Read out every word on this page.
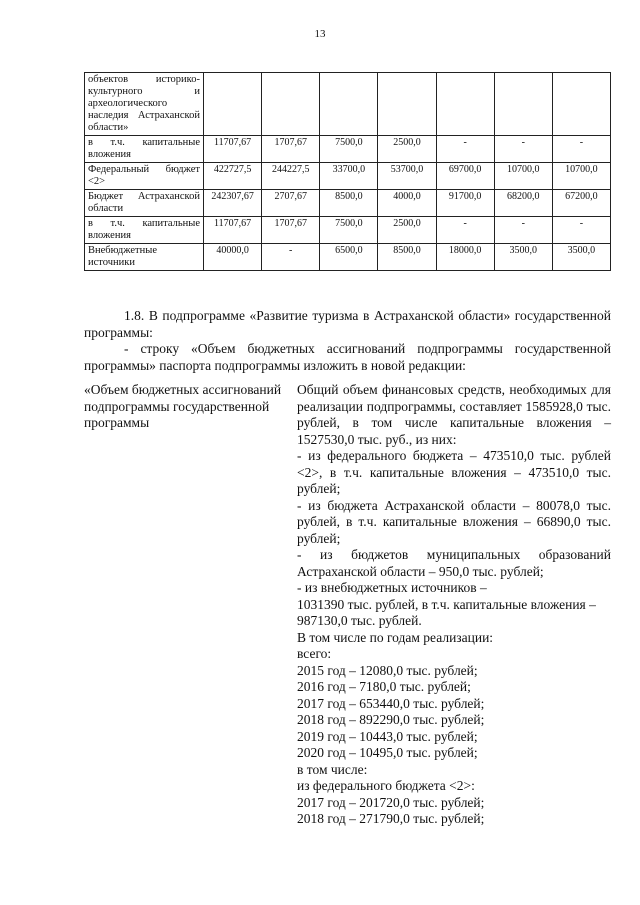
13
объектов историко-культурного и археологического наследия Астраханской области»							
в т.ч. капитальные вложения	11707,67	1707,67	7500,0	2500,0	-	-	-
Федеральный бюджет <2>	422727,5	244227,5	33700,0	53700,0	69700,0	10700,0	10700,0
Бюджет Астраханской области	242307,67	2707,67	8500,0	4000,0	91700,0	68200,0	67200,0
в т.ч. капитальные вложения	11707,67	1707,67	7500,0	2500,0	-	-	-
Внебюджетные источники	40000,0	-	6500,0	8500,0	18000,0	3500,0	3500,0

1.8. В подпрограмме «Развитие туризма в Астраханской области» государственной программы:

- строку «Объем бюджетных ассигнований подпрограммы государственной программы» паспорта подпрограммы изложить в новой редакции:

«Объем бюджетных ассигнований подпрограммы государственной программы
Общий объем финансовых средств, необходимых для реализации подпрограммы, составляет 1585928,0 тыс. рублей, в том числе капитальные вложения – 1527530,0 тыс. руб., из них:
- из федерального бюджета – 473510,0 тыс. рублей <2>, в т.ч. капитальные вложения – 473510,0 тыс. рублей;
- из бюджета Астраханской области – 80078,0 тыс. рублей, в т.ч. капитальные вложения – 66890,0 тыс. рублей;
- из бюджетов муниципальных образований Астраханской области – 950,0 тыс. рублей;
- из внебюджетных источников –
1031390 тыс. рублей, в т.ч. капитальные вложения – 987130,0 тыс. рублей.
В том числе по годам реализации:
всего:
2015 год – 12080,0 тыс. рублей;
2016 год – 7180,0 тыс. рублей;
2017 год – 653440,0 тыс. рублей;
2018 год – 892290,0 тыс. рублей;
2019 год – 10443,0 тыс. рублей;
2020 год – 10495,0 тыс. рублей;
в том числе:
из федерального бюджета <2>:
2017 год – 201720,0 тыс. рублей;
2018 год – 271790,0 тыс. рублей;
